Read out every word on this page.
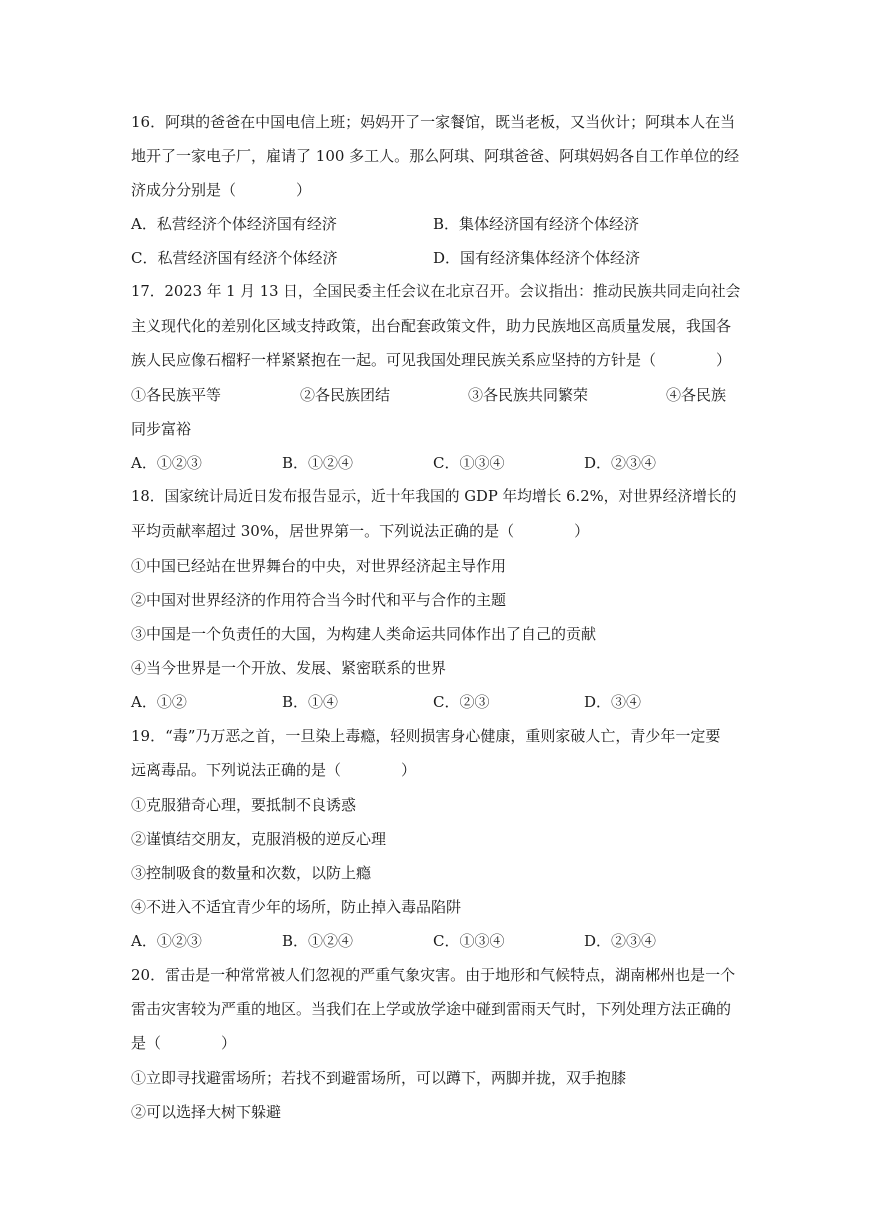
16．阿琪的爸爸在中国电信上班；妈妈开了一家餐馆，既当老板，又当伙计；阿琪本人在当
地开了一家电子厂，雇请了 100 多工人。那么阿琪、阿琪爸爸、阿琪妈妈各自工作单位的经
济成分分别是（　　　　）
A．私营经济个体经济国有经济	B．集体经济国有经济个体经济
C．私营经济国有经济个体经济	D．国有经济集体经济个体经济
17．2023 年 1 月 13 日，全国民委主任会议在北京召开。会议指出：推动民族共同走向社会
主义现代化的差别化区域支持政策，出台配套政策文件，助力民族地区高质量发展，我国各
族人民应像石榴籽一样紧紧抱在一起。可见我国处理民族关系应坚持的方针是（　　　　）
①各民族平等	②各民族团结	③各民族共同繁荣	④各民族
同步富裕
A．①②③	B．①②④	C．①③④	D．②③④
18．国家统计局近日发布报告显示，近十年我国的 GDP 年均增长 6.2%，对世界经济增长的
平均贡献率超过 30%，居世界第一。下列说法正确的是（　　　　）
①中国已经站在世界舞台的中央，对世界经济起主导作用
②中国对世界经济的作用符合当今时代和平与合作的主题
③中国是一个负责任的大国，为构建人类命运共同体作出了自己的贡献
④当今世界是一个开放、发展、紧密联系的世界
A．①②	B．①④	C．②③	D．③④
19．“毒”乃万恶之首，一旦染上毒瘾，轻则损害身心健康，重则家破人亡，青少年一定要
远离毒品。下列说法正确的是（　　　　）
①克服猎奇心理，要抵制不良诱惑
②谨慎结交朋友，克服消极的逆反心理
③控制吸食的数量和次数，以防上瘾
④不进入不适宜青少年的场所，防止掉入毒品陷阱
A．①②③	B．①②④	C．①③④	D．②③④
20．雷击是一种常常被人们忽视的严重气象灾害。由于地形和气候特点，湖南郴州也是一个
雷击灾害较为严重的地区。当我们在上学或放学途中碰到雷雨天气时，下列处理方法正确的
是（　　　　）
①立即寻找避雷场所；若找不到避雷场所，可以蹲下，两脚并拢，双手抱膝
②可以选择大树下躲避
